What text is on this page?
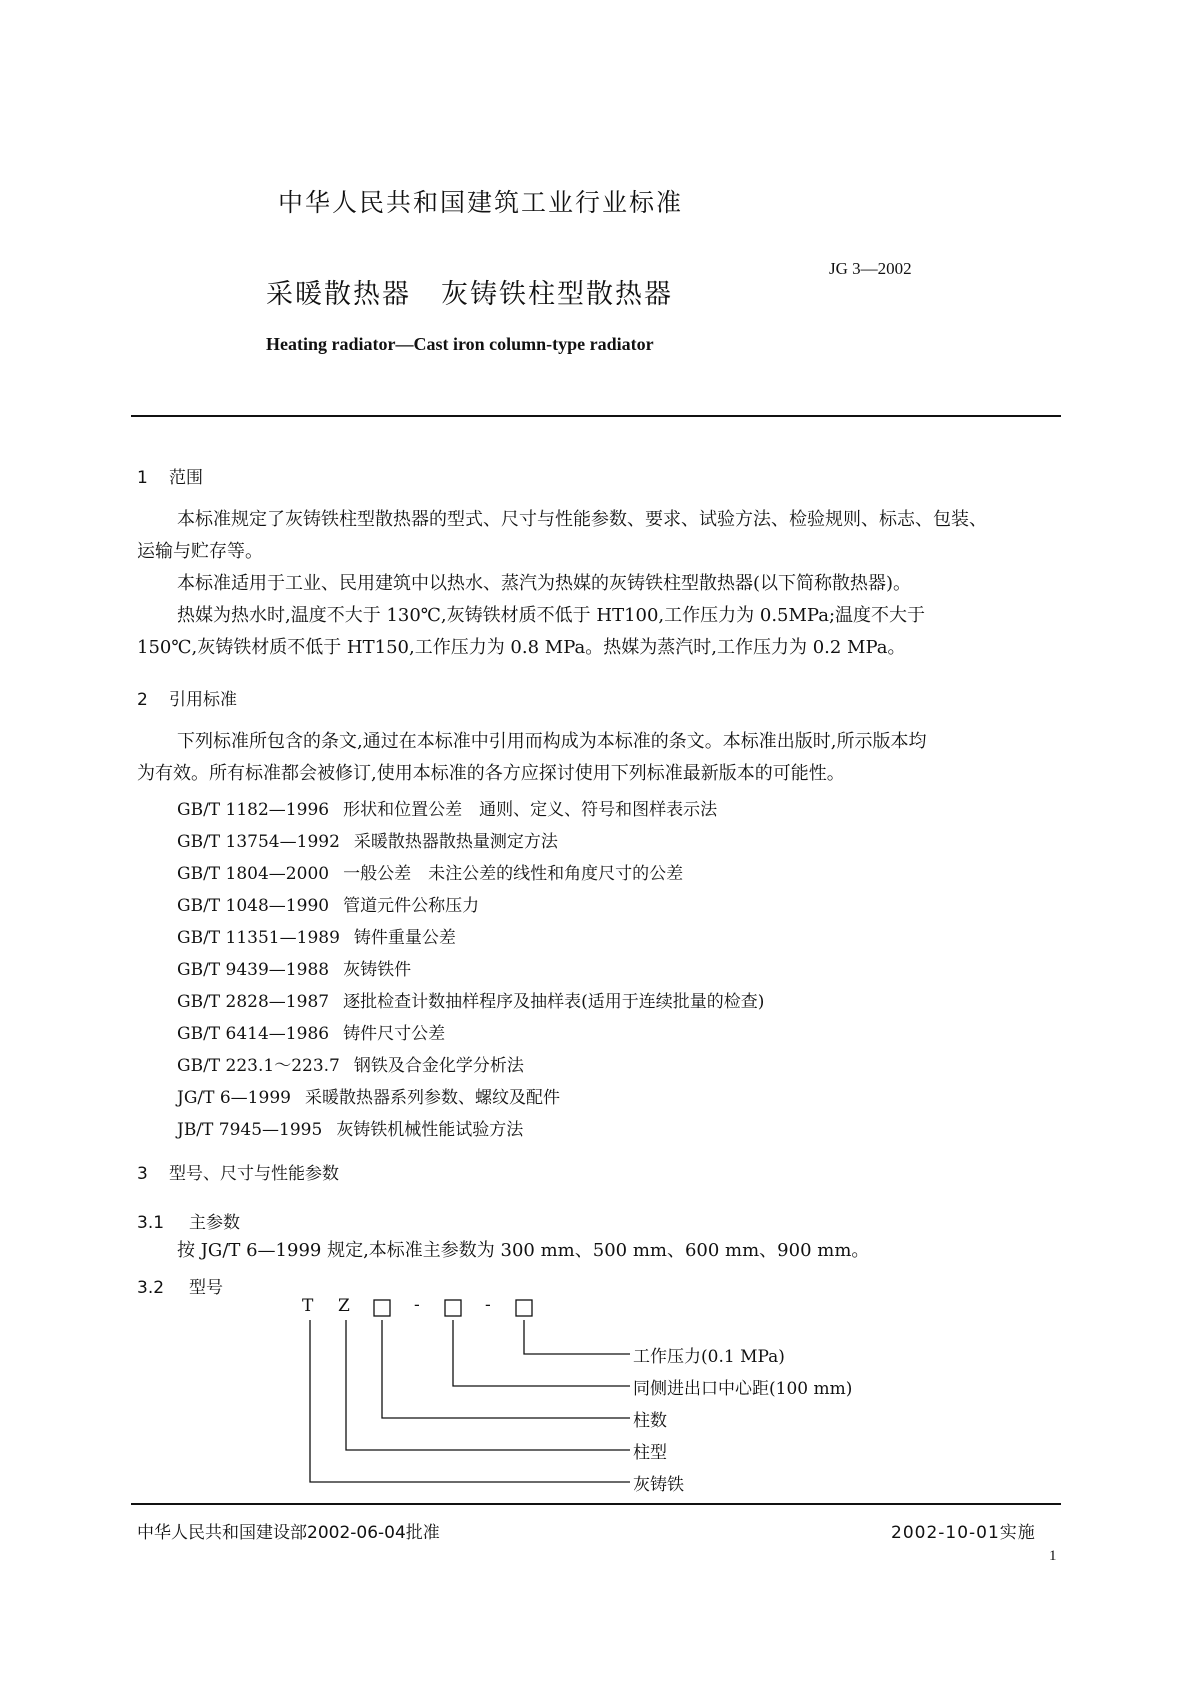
中华人民共和国建筑工业行业标准
JG 3—2002
采暖散热器 灰铸铁柱型散热器
Heating radiator—Cast iron column-type radiator
1 范围
本标准规定了灰铸铁柱型散热器的型式、尺寸与性能参数、要求、试验方法、检验规则、标志、包装、
运输与贮存等。
本标准适用于工业、民用建筑中以热水、蒸汽为热媒的灰铸铁柱型散热器(以下简称散热器)。
热媒为热水时,温度不大于 130℃,灰铸铁材质不低于 HT100,工作压力为 0.5MPa;温度不大于
150℃,灰铸铁材质不低于 HT150,工作压力为 0.8 MPa。热媒为蒸汽时,工作压力为 0.2 MPa。
2 引用标准
下列标准所包含的条文,通过在本标准中引用而构成为本标准的条文。本标准出版时,所示版本均
为有效。所有标准都会被修订,使用本标准的各方应探讨使用下列标准最新版本的可能性。
GB/T 1182—1996 形状和位置公差　通则、定义、符号和图样表示法
GB/T 13754—1992 采暖散热器散热量测定方法
GB/T 1804—2000 一般公差　未注公差的线性和角度尺寸的公差
GB/T 1048—1990 管道元件公称压力
GB/T 11351—1989 铸件重量公差
GB/T 9439—1988 灰铸铁件
GB/T 2828—1987 逐批检查计数抽样程序及抽样表(适用于连续批量的检查)
GB/T 6414—1986 铸件尺寸公差
GB/T 223.1～223.7 钢铁及合金化学分析法
JG/T 6—1999 采暖散热器系列参数、螺纹及配件
JB/T 7945—1995 灰铸铁机械性能试验方法
3 型号、尺寸与性能参数
3.1 主参数
按 JG/T 6—1999 规定,本标准主参数为 300 mm、500 mm、600 mm、900 mm。
3.2 型号
T Z	-	-
工作压力(0.1 MPa)
同侧进出口中心距(100 mm)
柱数
柱型
灰铸铁
中华人民共和国建设部2002-06-04批准	2002-10-01实施
1
